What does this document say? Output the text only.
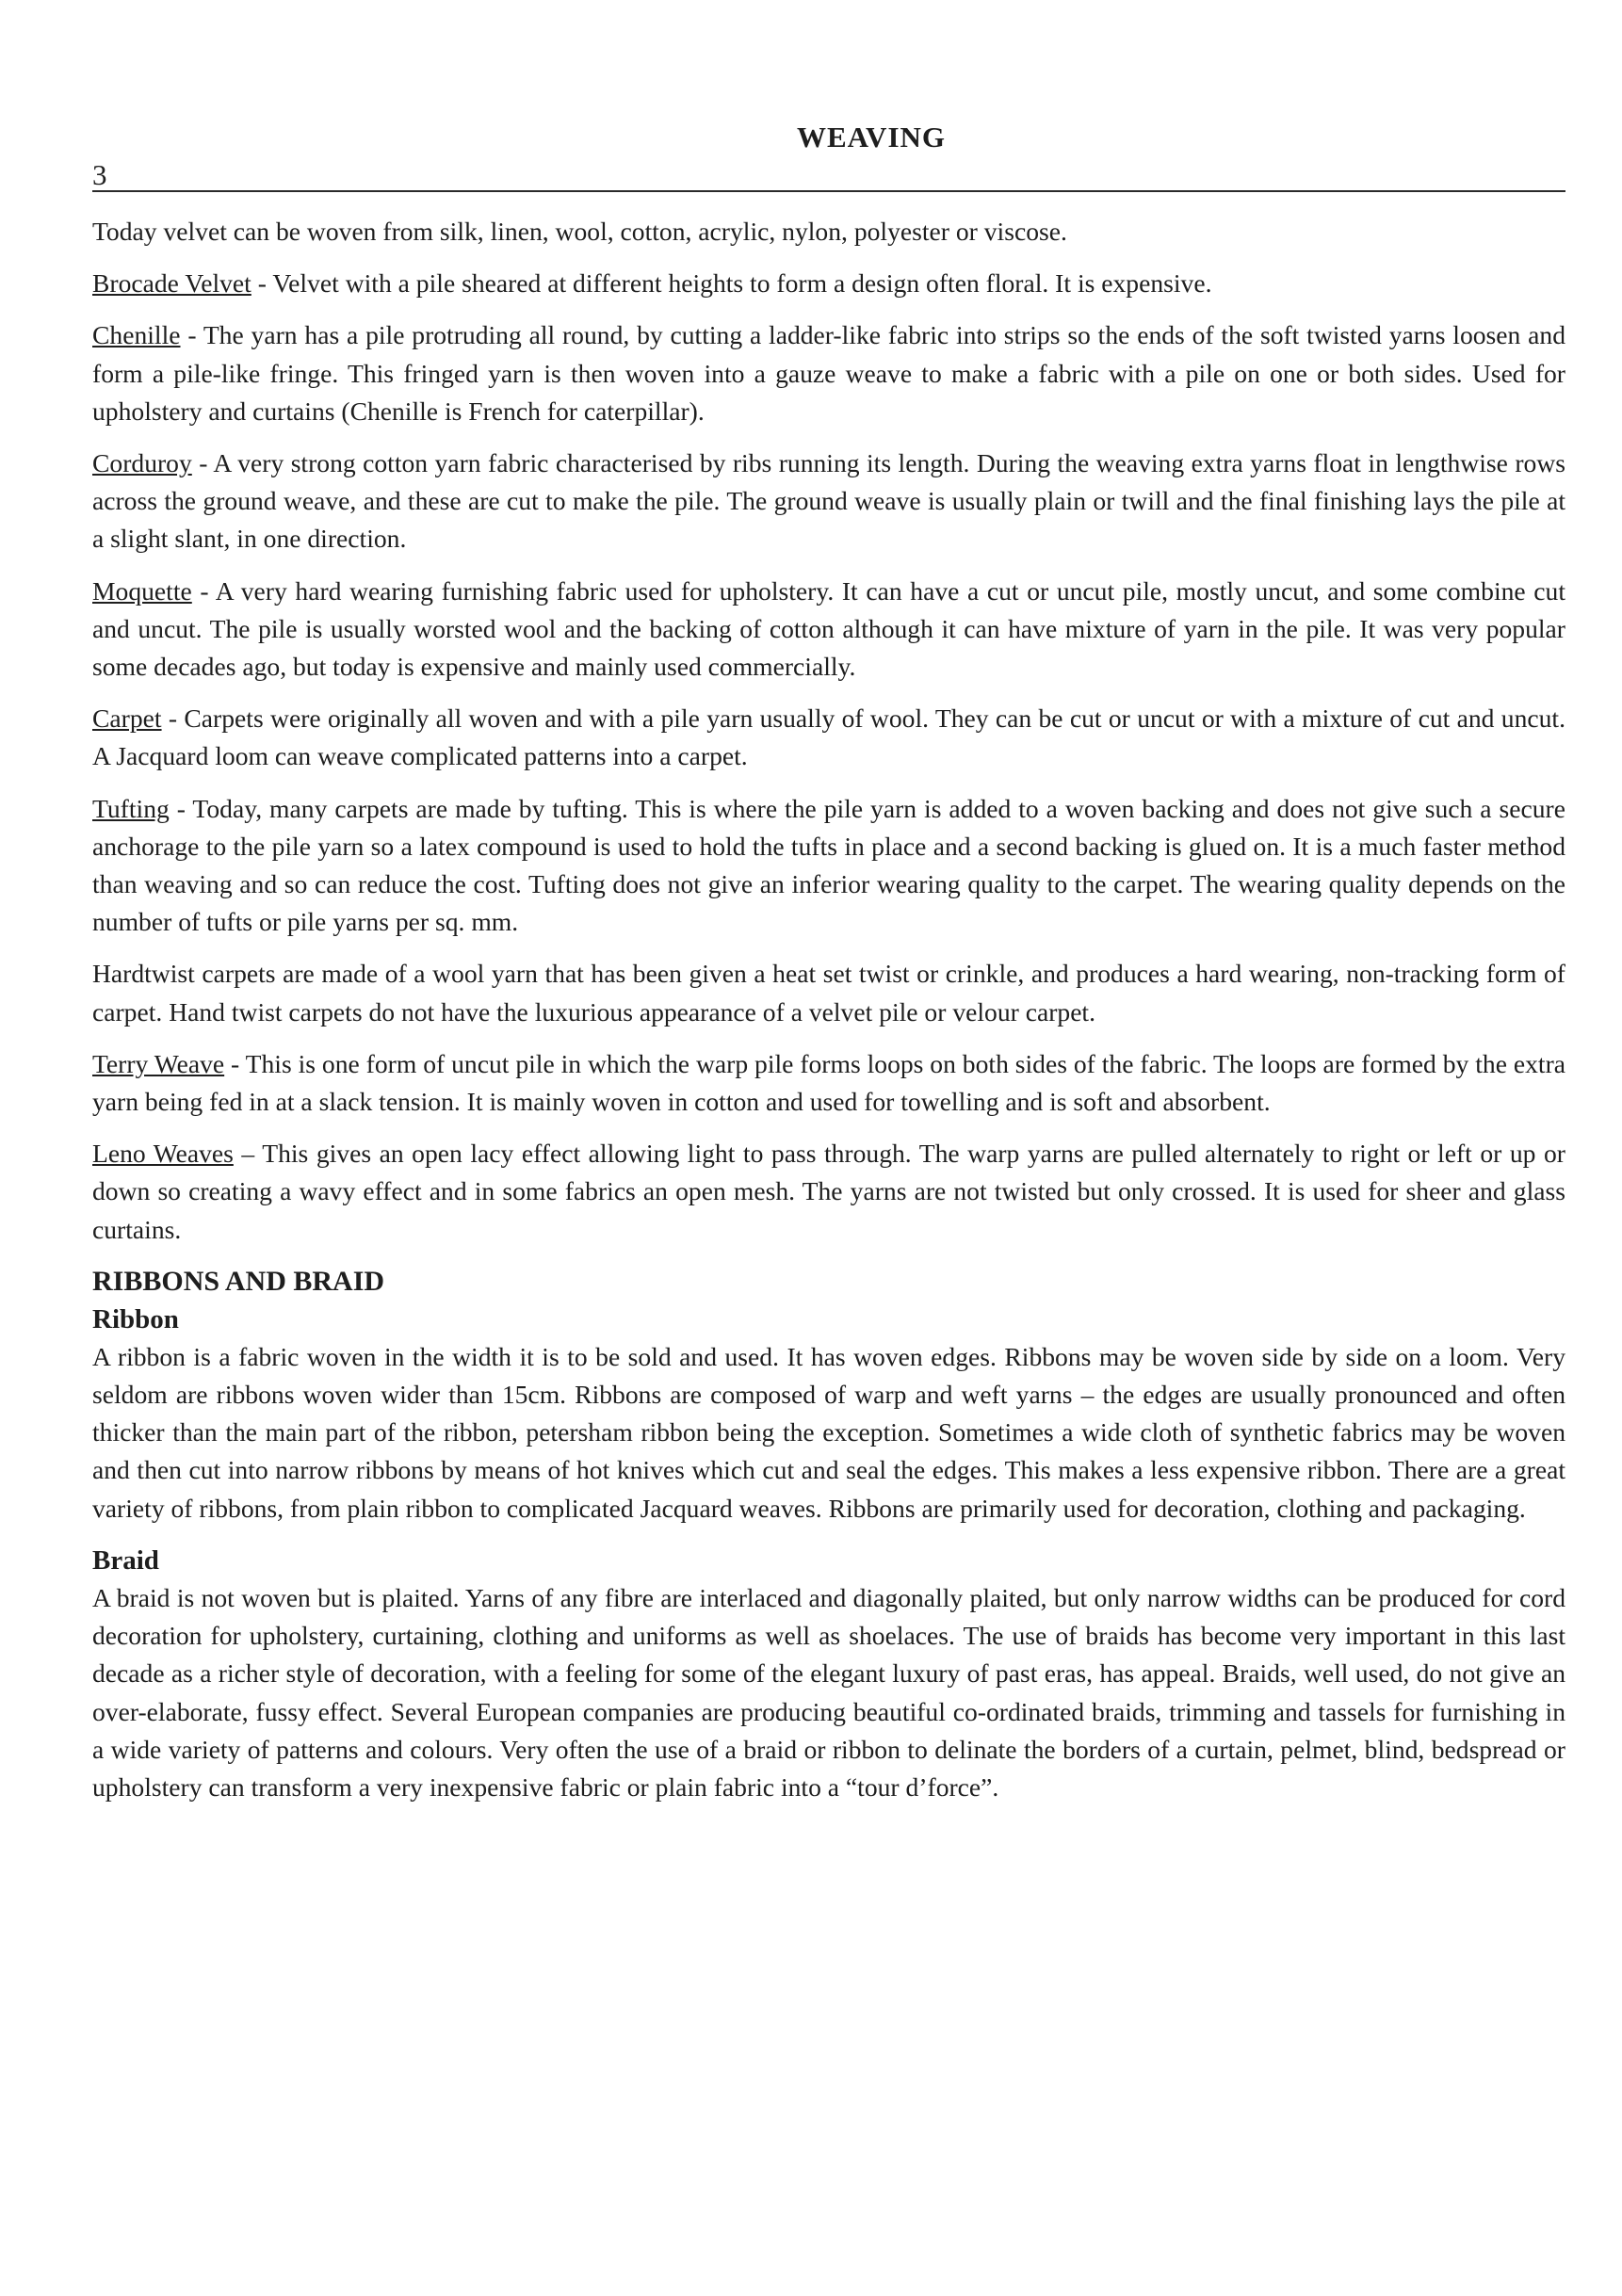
WEAVING
3

Today velvet can be woven from silk, linen, wool, cotton, acrylic, nylon, polyester or viscose.

Brocade Velvet - Velvet with a pile sheared at different heights to form a design often floral. It is expensive.

Chenille - The yarn has a pile protruding all round, by cutting a ladder-like fabric into strips so the ends of the soft twisted yarns loosen and form a pile-like fringe. This fringed yarn is then woven into a gauze weave to make a fabric with a pile on one or both sides. Used for upholstery and curtains (Chenille is French for caterpillar).

Corduroy - A very strong cotton yarn fabric characterised by ribs running its length. During the weaving extra yarns float in lengthwise rows across the ground weave, and these are cut to make the pile. The ground weave is usually plain or twill and the final finishing lays the pile at a slight slant, in one direction.

Moquette - A very hard wearing furnishing fabric used for upholstery. It can have a cut or uncut pile, mostly uncut, and some combine cut and uncut. The pile is usually worsted wool and the backing of cotton although it can have mixture of yarn in the pile. It was very popular some decades ago, but today is expensive and mainly used commercially.

Carpet - Carpets were originally all woven and with a pile yarn usually of wool. They can be cut or uncut or with a mixture of cut and uncut. A Jacquard loom can weave complicated patterns into a carpet.

Tufting - Today, many carpets are made by tufting. This is where the pile yarn is added to a woven backing and does not give such a secure anchorage to the pile yarn so a latex compound is used to hold the tufts in place and a second backing is glued on. It is a much faster method than weaving and so can reduce the cost. Tufting does not give an inferior wearing quality to the carpet. The wearing quality depends on the number of tufts or pile yarns per sq. mm.

Hardtwist carpets are made of a wool yarn that has been given a heat set twist or crinkle, and produces a hard wearing, non-tracking form of carpet. Hand twist carpets do not have the luxurious appearance of a velvet pile or velour carpet.

Terry Weave - This is one form of uncut pile in which the warp pile forms loops on both sides of the fabric. The loops are formed by the extra yarn being fed in at a slack tension. It is mainly woven in cotton and used for towelling and is soft and absorbent.

Leno Weaves – This gives an open lacy effect allowing light to pass through. The warp yarns are pulled alternately to right or left or up or down so creating a wavy effect and in some fabrics an open mesh. The yarns are not twisted but only crossed. It is used for sheer and glass curtains.

RIBBONS AND BRAID
Ribbon

A ribbon is a fabric woven in the width it is to be sold and used. It has woven edges. Ribbons may be woven side by side on a loom. Very seldom are ribbons woven wider than 15cm. Ribbons are composed of warp and weft yarns – the edges are usually pronounced and often thicker than the main part of the ribbon, petersham ribbon being the exception. Sometimes a wide cloth of synthetic fabrics may be woven and then cut into narrow ribbons by means of hot knives which cut and seal the edges. This makes a less expensive ribbon. There are a great variety of ribbons, from plain ribbon to complicated Jacquard weaves. Ribbons are primarily used for decoration, clothing and packaging.

Braid

A braid is not woven but is plaited. Yarns of any fibre are interlaced and diagonally plaited, but only narrow widths can be produced for cord decoration for upholstery, curtaining, clothing and uniforms as well as shoelaces. The use of braids has become very important in this last decade as a richer style of decoration, with a feeling for some of the elegant luxury of past eras, has appeal. Braids, well used, do not give an over-elaborate, fussy effect. Several European companies are producing beautiful co-ordinated braids, trimming and tassels for furnishing in a wide variety of patterns and colours. Very often the use of a braid or ribbon to delinate the borders of a curtain, pelmet, blind, bedspread or upholstery can transform a very inexpensive fabric or plain fabric into a “tour d’force”.
